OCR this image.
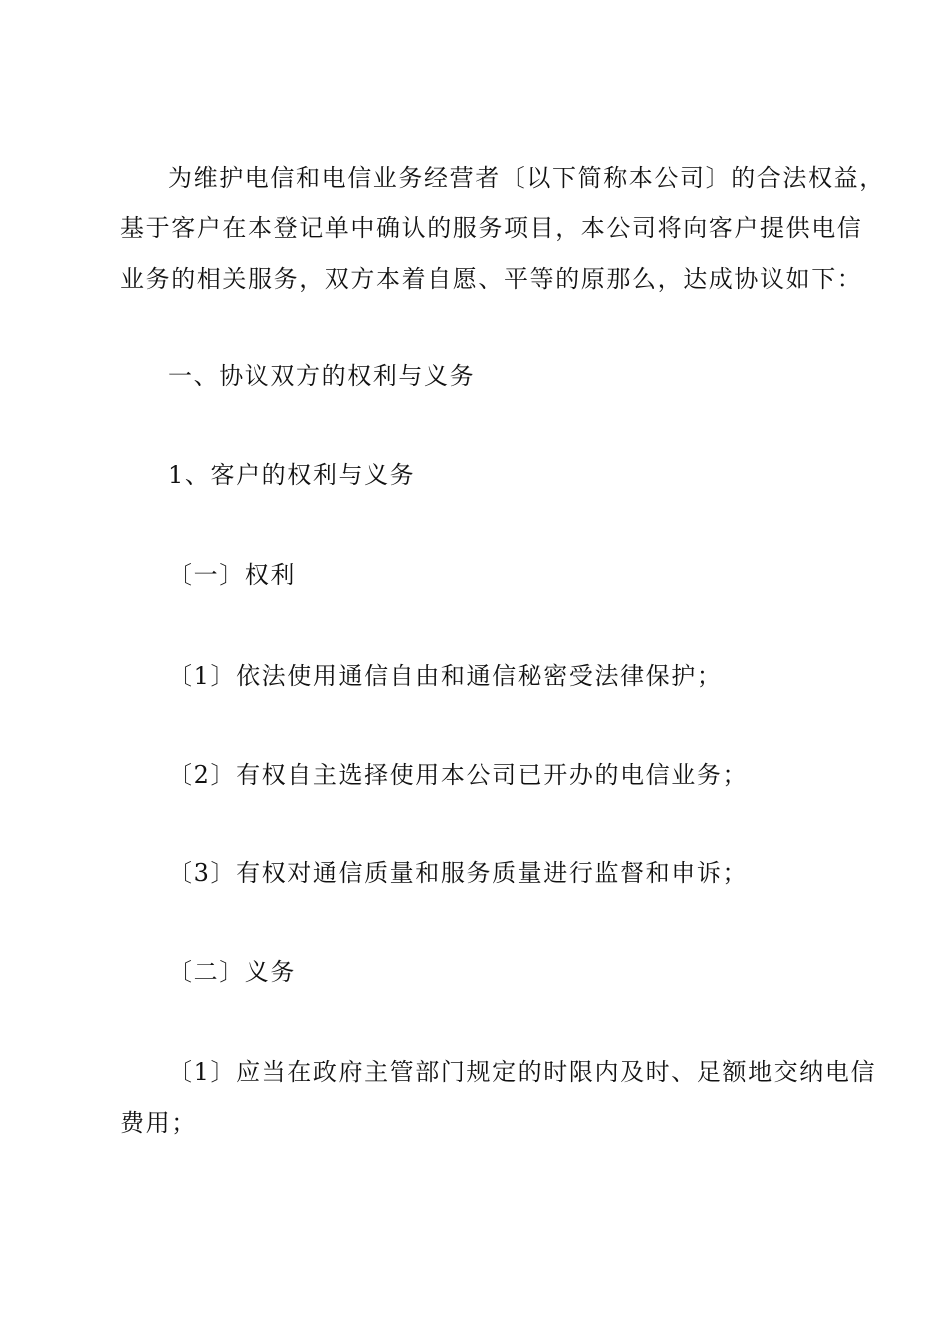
为维护电信和电信业务经营者〔以下简称本公司〕的合法权益，
基于客户在本登记单中确认的服务项目，本公司将向客户提供电信
业务的相关服务，双方本着自愿、平等的原那么，达成协议如下：
一、协议双方的权利与义务
1、客户的权利与义务
〔一〕权利
〔1〕依法使用通信自由和通信秘密受法律保护；
〔2〕有权自主选择使用本公司已开办的电信业务；
〔3〕有权对通信质量和服务质量进行监督和申诉；
〔二〕义务
〔1〕应当在政府主管部门规定的时限内及时、足额地交纳电信
费用；
